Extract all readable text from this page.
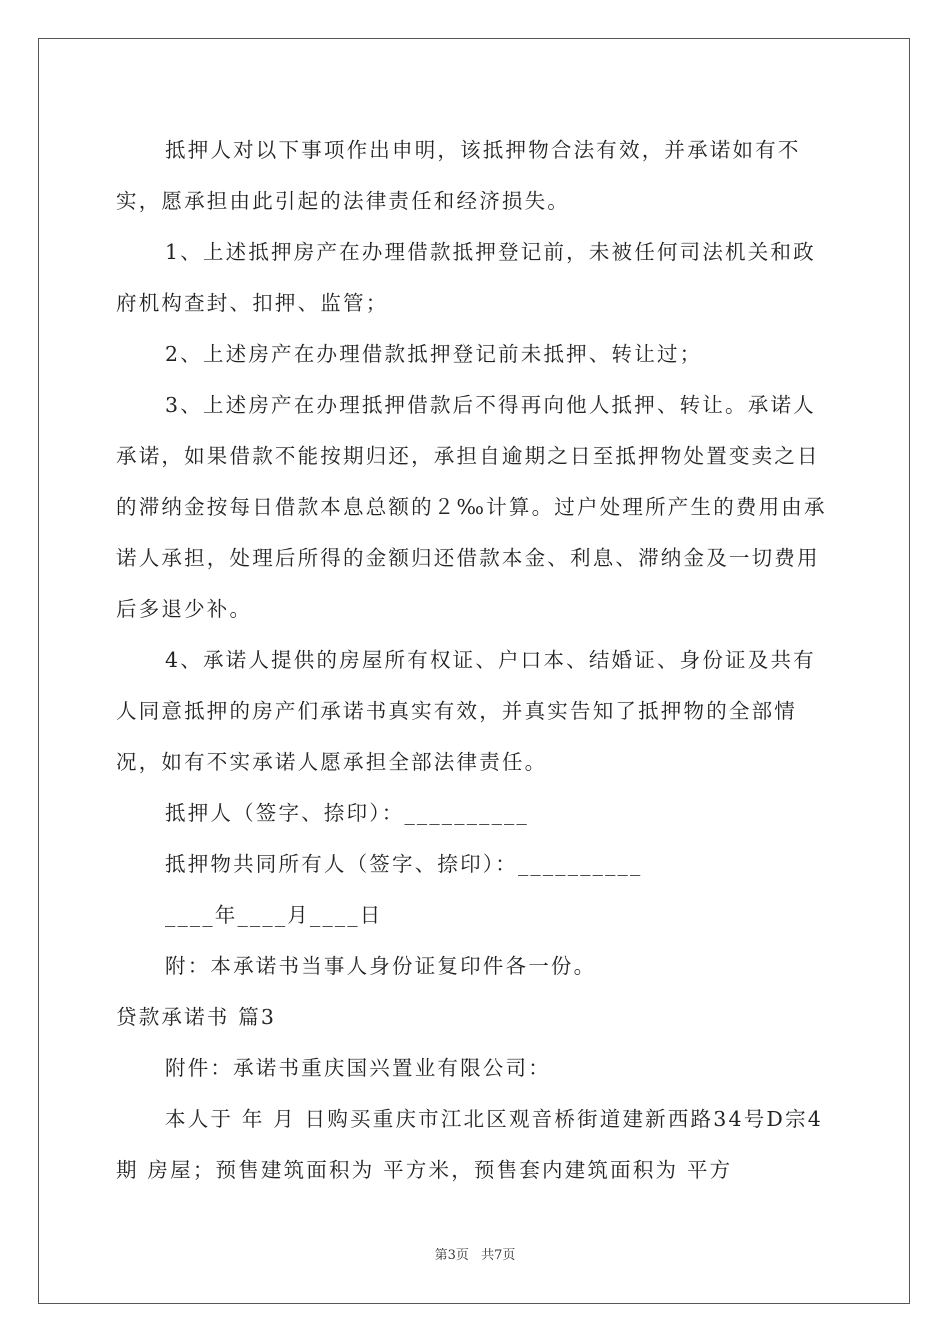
抵押人对以下事项作出申明，该抵押物合法有效，并承诺如有不实，愿承担由此引起的法律责任和经济损失。

1、上述抵押房产在办理借款抵押登记前，未被任何司法机关和政府机构查封、扣押、监管；

2、上述房产在办理借款抵押登记前未抵押、转让过；

3、上述房产在办理抵押借款后不得再向他人抵押、转让。承诺人承诺，如果借款不能按期归还，承担自逾期之日至抵押物处置变卖之日的滞纳金按每日借款本息总额的２‰计算。过户处理所产生的费用由承诺人承担，处理后所得的金额归还借款本金、利息、滞纳金及一切费用后多退少补。

4、承诺人提供的房屋所有权证、户口本、结婚证、身份证及共有人同意抵押的房产们承诺书真实有效，并真实告知了抵押物的全部情况，如有不实承诺人愿承担全部法律责任。

抵押人（签字、捺印）：__________

抵押物共同所有人（签字、捺印）：__________

____年____月____日

附：本承诺书当事人身份证复印件各一份。

贷款承诺书 篇3

附件：承诺书重庆国兴置业有限公司：

本人于 年 月 日购买重庆市江北区观音桥街道建新西路34号D宗4期 房屋；预售建筑面积为 平方米，预售套内建筑面积为 平方

第3页 共7页
